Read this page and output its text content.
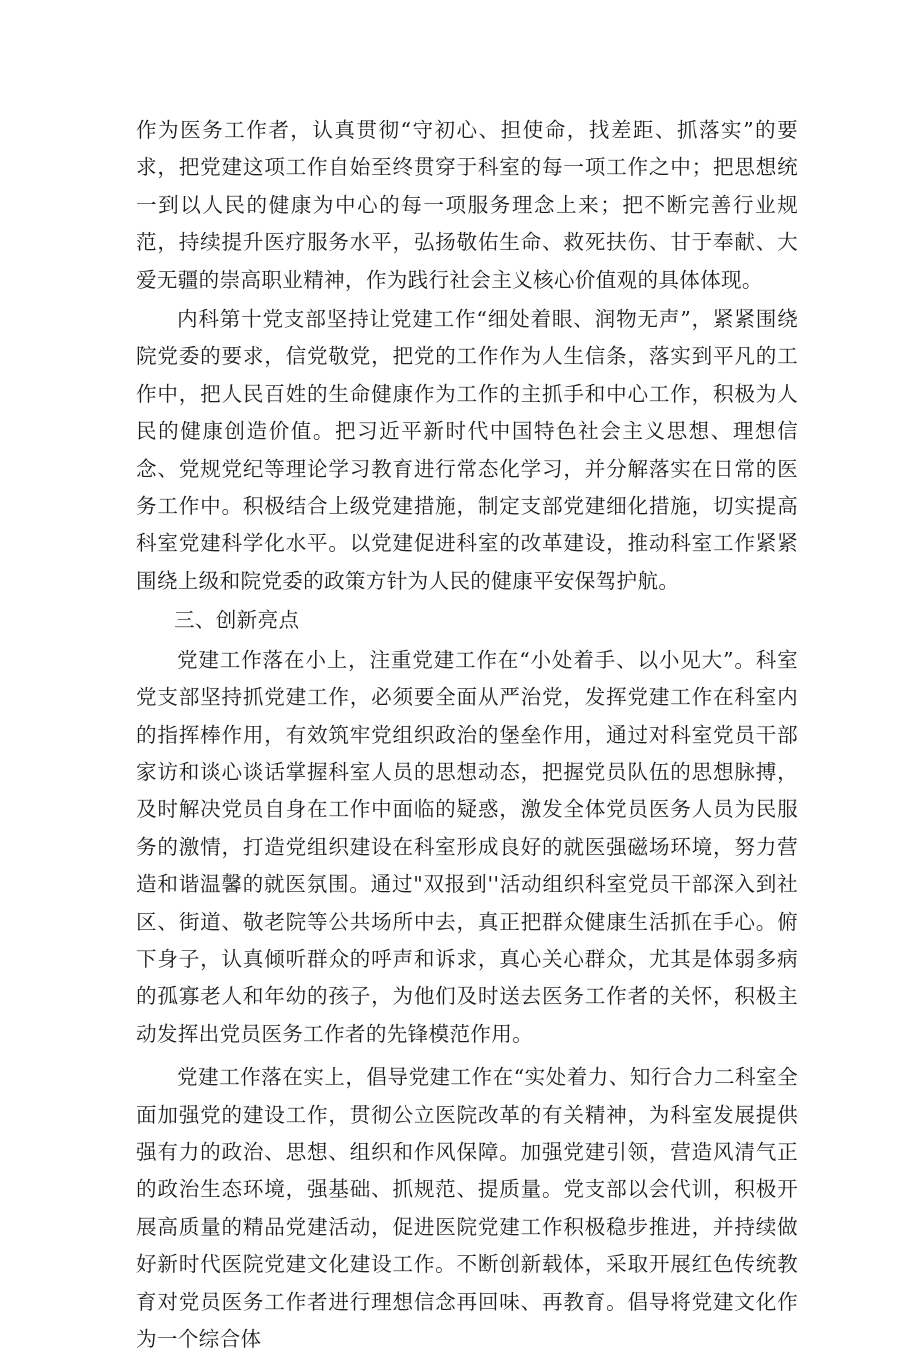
作为医务工作者，认真贯彻“守初心、担使命，找差距、抓落实”的要求，把党建这项工作自始至终贯穿于科室的每一项工作之中；把思想统一到以人民的健康为中心的每一项服务理念上来；把不断完善行业规范，持续提升医疗服务水平，弘扬敬佑生命、救死扶伤、甘于奉献、大爱无疆的崇高职业精神，作为践行社会主义核心价值观的具体体现。

内科第十党支部坚持让党建工作“细处着眼、润物无声”，紧紧围绕院党委的要求，信党敬党，把党的工作作为人生信条，落实到平凡的工作中，把人民百姓的生命健康作为工作的主抓手和中心工作，积极为人民的健康创造价值。把习近平新时代中国特色社会主义思想、理想信念、党规党纪等理论学习教育进行常态化学习，并分解落实在日常的医务工作中。积极结合上级党建措施，制定支部党建细化措施，切实提高科室党建科学化水平。以党建促进科室的改革建设，推动科室工作紧紧围绕上级和院党委的政策方针为人民的健康平安保驾护航。

三、创新亮点

党建工作落在小上，注重党建工作在“小处着手、以小见大”。科室党支部坚持抓党建工作，必须要全面从严治党，发挥党建工作在科室内的指挥棒作用，有效筑牢党组织政治的堡垒作用，通过对科室党员干部家访和谈心谈话掌握科室人员的思想动态，把握党员队伍的思想脉搏，及时解决党员自身在工作中面临的疑惑，激发全体党员医务人员为民服务的激情，打造党组织建设在科室形成良好的就医强磁场环境，努力营造和谐温馨的就医氛围。通过"双报到''活动组织科室党员干部深入到社区、街道、敬老院等公共场所中去，真正把群众健康生活抓在手心。俯下身子，认真倾听群众的呼声和诉求，真心关心群众，尤其是体弱多病的孤寡老人和年幼的孩子，为他们及时送去医务工作者的关怀，积极主动发挥出党员医务工作者的先锋模范作用。

党建工作落在实上，倡导党建工作在“实处着力、知行合力二科室全面加强党的建设工作，贯彻公立医院改革的有关精神，为科室发展提供强有力的政治、思想、组织和作风保障。加强党建引领，营造风清气正的政治生态环境，强基础、抓规范、提质量。党支部以会代训，积极开展高质量的精品党建活动，促进医院党建工作积极稳步推进，并持续做好新时代医院党建文化建设工作。不断创新载体，采取开展红色传统教育对党员医务工作者进行理想信念再回味、再教育。倡导将党建文化作为一个综合体
